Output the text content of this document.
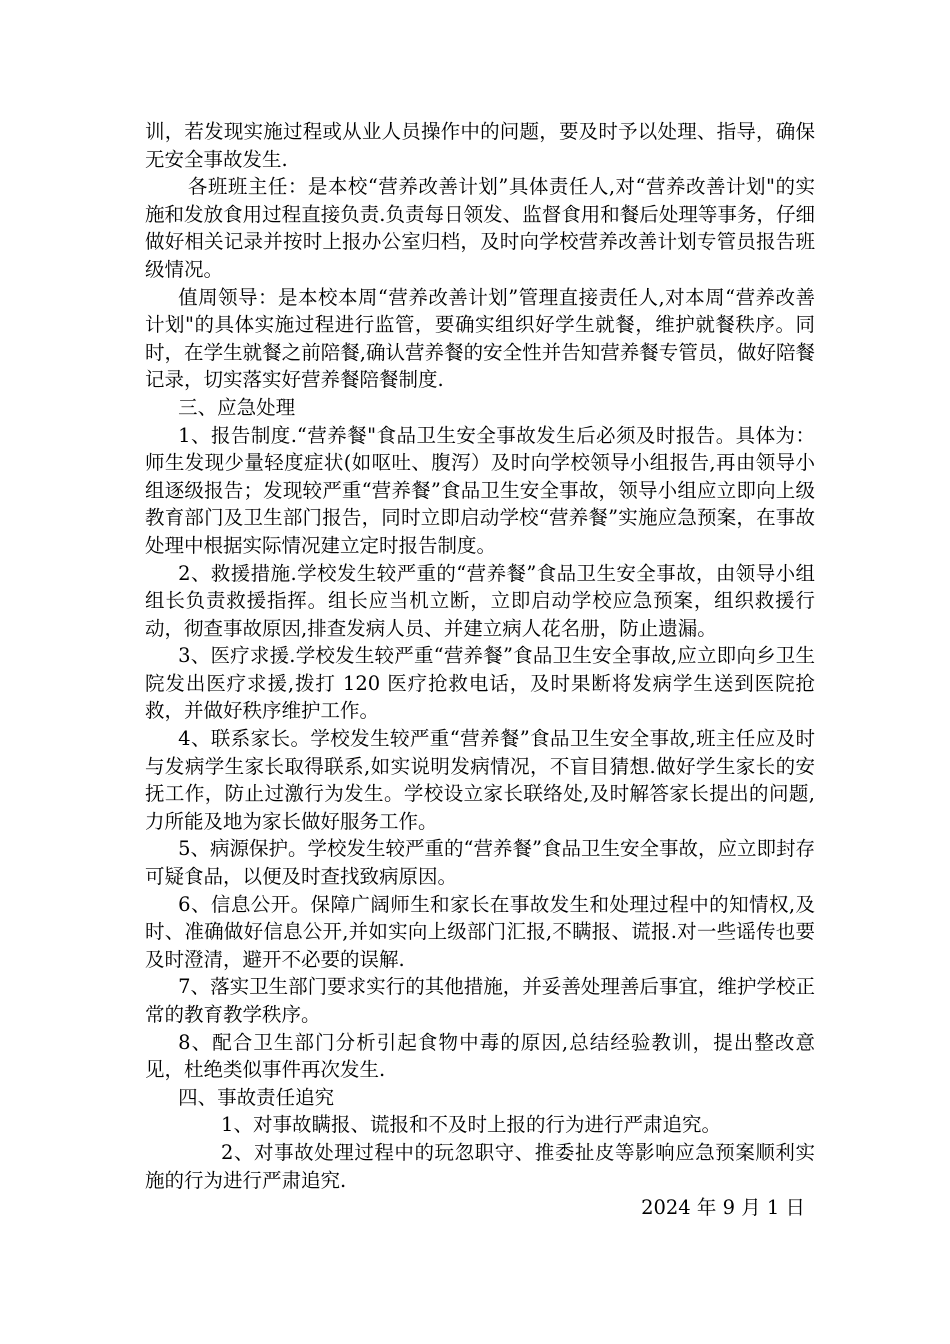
训，若发现实施过程或从业人员操作中的问题，要及时予以处理、指导，确保无安全事故发生.

各班班主任：是本校“营养改善计划”具体责任人,对“营养改善计划"的实施和发放食用过程直接负责.负责每日领发、监督食用和餐后处理等事务，仔细做好相关记录并按时上报办公室归档，及时向学校营养改善计划专管员报告班级情况。

值周领导：是本校本周“营养改善计划”管理直接责任人,对本周“营养改善计划"的具体实施过程进行监管，要确实组织好学生就餐，维护就餐秩序。同时，在学生就餐之前陪餐,确认营养餐的安全性并告知营养餐专管员，做好陪餐记录，切实落实好营养餐陪餐制度.

三、应急处理

1、报告制度.“营养餐"食品卫生安全事故发生后必须及时报告。具体为：师生发现少量轻度症状(如呕吐、腹泻）及时向学校领导小组报告,再由领导小组逐级报告；发现较严重“营养餐”食品卫生安全事故，领导小组应立即向上级教育部门及卫生部门报告，同时立即启动学校“营养餐”实施应急预案，在事故处理中根据实际情况建立定时报告制度。

2、救援措施.学校发生较严重的“营养餐”食品卫生安全事故，由领导小组组长负责救援指挥。组长应当机立断，立即启动学校应急预案，组织救援行动，彻查事故原因,排查发病人员、并建立病人花名册，防止遗漏。

3、医疗求援.学校发生较严重“营养餐”食品卫生安全事故,应立即向乡卫生院发出医疗求援,拨打 120 医疗抢救电话，及时果断将发病学生送到医院抢救，并做好秩序维护工作。

4、联系家长。学校发生较严重“营养餐”食品卫生安全事故,班主任应及时与发病学生家长取得联系,如实说明发病情况，不盲目猜想.做好学生家长的安抚工作，防止过激行为发生。学校设立家长联络处,及时解答家长提出的问题,力所能及地为家长做好服务工作。

5、病源保护。学校发生较严重的“营养餐”食品卫生安全事故，应立即封存可疑食品，以便及时查找致病原因。

6、信息公开。保障广阔师生和家长在事故发生和处理过程中的知情权,及时、准确做好信息公开,并如实向上级部门汇报,不瞒报、谎报.对一些谣传也要及时澄清，避开不必要的误解.

7、落实卫生部门要求实行的其他措施，并妥善处理善后事宜，维护学校正常的教育教学秩序。

8、配合卫生部门分析引起食物中毒的原因,总结经验教训，提出整改意见，杜绝类似事件再次发生.

四、事故责任追究

1、对事故瞒报、谎报和不及时上报的行为进行严肃追究。

2、对事故处理过程中的玩忽职守、推委扯皮等影响应急预案顺利实施的行为进行严肃追究.

2024 年 9 月 1 日
